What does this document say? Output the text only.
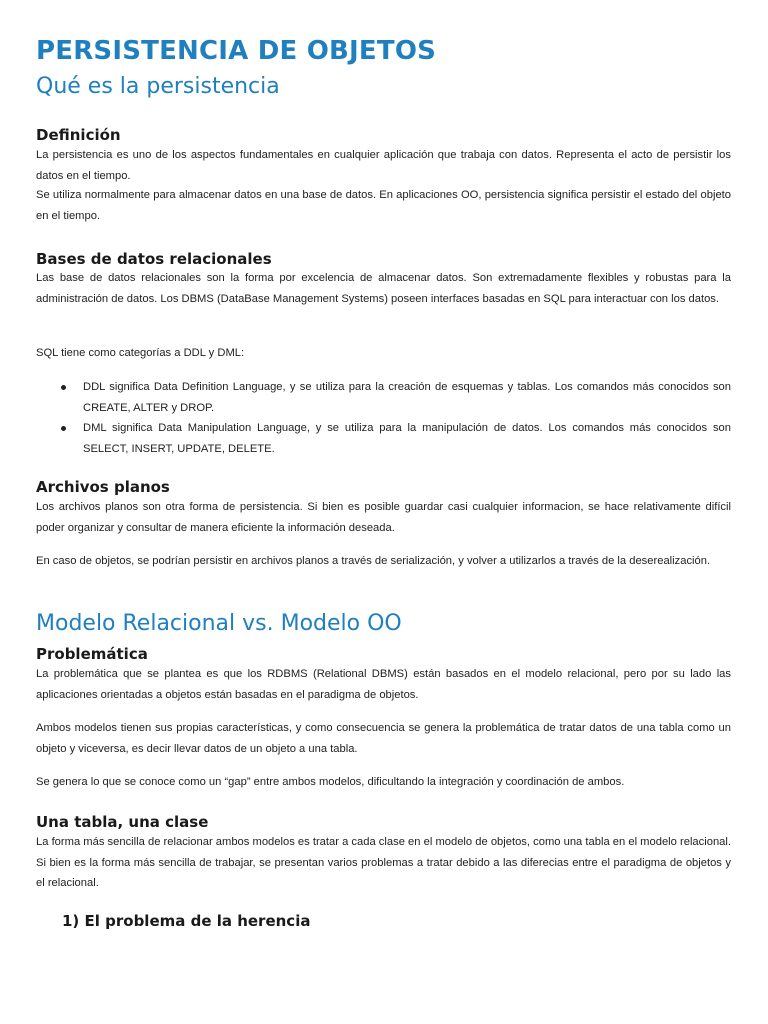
PERSISTENCIA DE OBJETOS
Qué es la persistencia
Definición

La persistencia es uno de los aspectos fundamentales en cualquier aplicación que trabaja con datos. Representa el acto de persistir los datos en el tiempo.

Se utiliza normalmente para almacenar datos en una base de datos. En aplicaciones OO, persistencia significa persistir el estado del objeto en el tiempo.

Bases de datos relacionales

Las base de datos relacionales son la forma por excelencia de almacenar datos. Son extremadamente flexibles y robustas para la administración de datos. Los DBMS (DataBase Management Systems) poseen interfaces basadas en SQL para interactuar con los datos.

SQL tiene como categorías a DDL y DML:

DDL significa Data Definition Language, y se utiliza para la creación de esquemas y tablas. Los comandos más conocidos son CREATE, ALTER y DROP.
DML significa Data Manipulation Language, y se utiliza para la manipulación de datos. Los comandos más conocidos son SELECT, INSERT, UPDATE, DELETE.
Archivos planos

Los archivos planos son otra forma de persistencia. Si bien es posible guardar casi cualquier informacion, se hace relativamente difícil poder organizar y consultar de manera eficiente la información deseada.

En caso de objetos, se podrían persistir en archivos planos a través de serialización, y volver a utilizarlos a través de la deserealización.

Modelo Relacional vs. Modelo OO
Problemática

La problemática que se plantea es que los RDBMS (Relational DBMS) están basados en el modelo relacional, pero por su lado las aplicaciones orientadas a objetos están basadas en el paradigma de objetos.

Ambos modelos tienen sus propias características, y como consecuencia se genera la problemática de tratar datos de una tabla como un objeto y viceversa, es decir llevar datos de un objeto a una tabla.

Se genera lo que se conoce como un “gap” entre ambos modelos, dificultando la integración y coordinación de ambos.

Una tabla, una clase

La forma más sencilla de relacionar ambos modelos es tratar a cada clase en el modelo de objetos, como una tabla en el modelo relacional. Si bien es la forma más sencilla de trabajar, se presentan varios problemas a tratar debido a las diferecias entre el paradigma de objetos y el relacional.

1) El problema de la herencia
